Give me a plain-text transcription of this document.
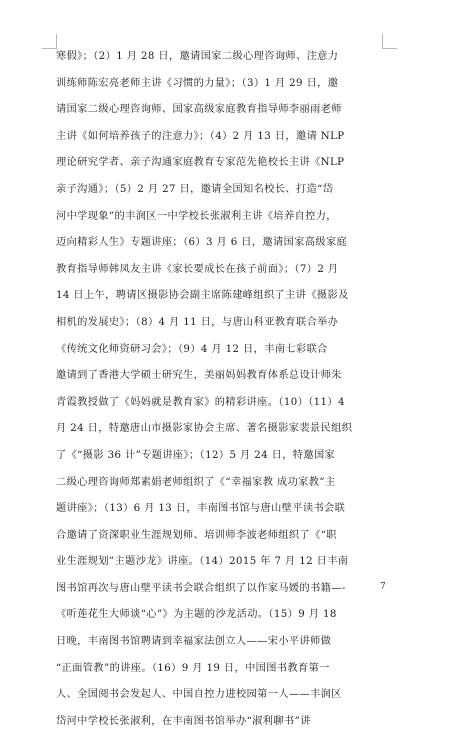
寒假》；（2）1 月 28 日，邀请国家二级心理咨询师、注意力
训练师陈宏亮老师主讲《习惯的力量》；（3）1 月 29 日，邀
请国家二级心理咨询师、国家高级家庭教育指导师李丽雨老师
主讲《如何培养孩子的注意力》；（4）2 月 13 日，邀请 NLP
理论研究学者、亲子沟通家庭教育专家范先艳校长主讲《NLP
亲子沟通》；（5）2 月 27 日，邀请全国知名校长、打造“岱
河中学现象”的丰润区一中学校长张淑利主讲《培养自控力，
迈向精彩人生》专题讲座；（6）3 月 6 日，邀请国家高级家庭
教育指导师韩凤友主讲《家长要成长在孩子前面》；（7）2 月
14 日上午，聘请区摄影协会副主席陈建峰组织了主讲《摄影及
相机的发展史》；（8）4 月 11 日，与唐山科亚教育联合举办
《传统文化师资研习会》；（9）4 月 12 日，丰南七彩联合
邀请到了香港大学硕士研究生，美丽妈妈教育体系总设计师朱
青霞教授做了《妈妈就是教育家》的精彩讲座。（10）（11）4
月 24 日，特邀唐山市摄影家协会主席、著名摄影家裴景民组织
了《“摄影 36 计”专题讲座》；（12）5 月 24 日，特邀国家
二级心理咨询师郑素娟老师组织了《“幸福家教 成功家教”主
题讲座》；（13）6 月 13 日，丰南图书馆与唐山壁平读书会联
合邀请了资深职业生涯规划师、培训师李波老师组织了《“职
业生涯规划”主题沙龙》讲座。（14）2015 年 7 月 12 日丰南
图书馆再次与唐山壁平读书会联合组织了以作家马媛的书籍—-
《听莲花生大师谈“心”》为主题的沙龙活动。（15）9 月 18
日晚，丰南图书馆聘请到幸福家法创立人——宋小平讲师做
“正面管教”的讲座。（16）9 月 19 日，中国图书教育第一
人、全国阅书会发起人、中国自控力进校园第一人——丰润区
岱河中学校长张淑利，在丰南图书馆举办“淑利聊书”讲
7
